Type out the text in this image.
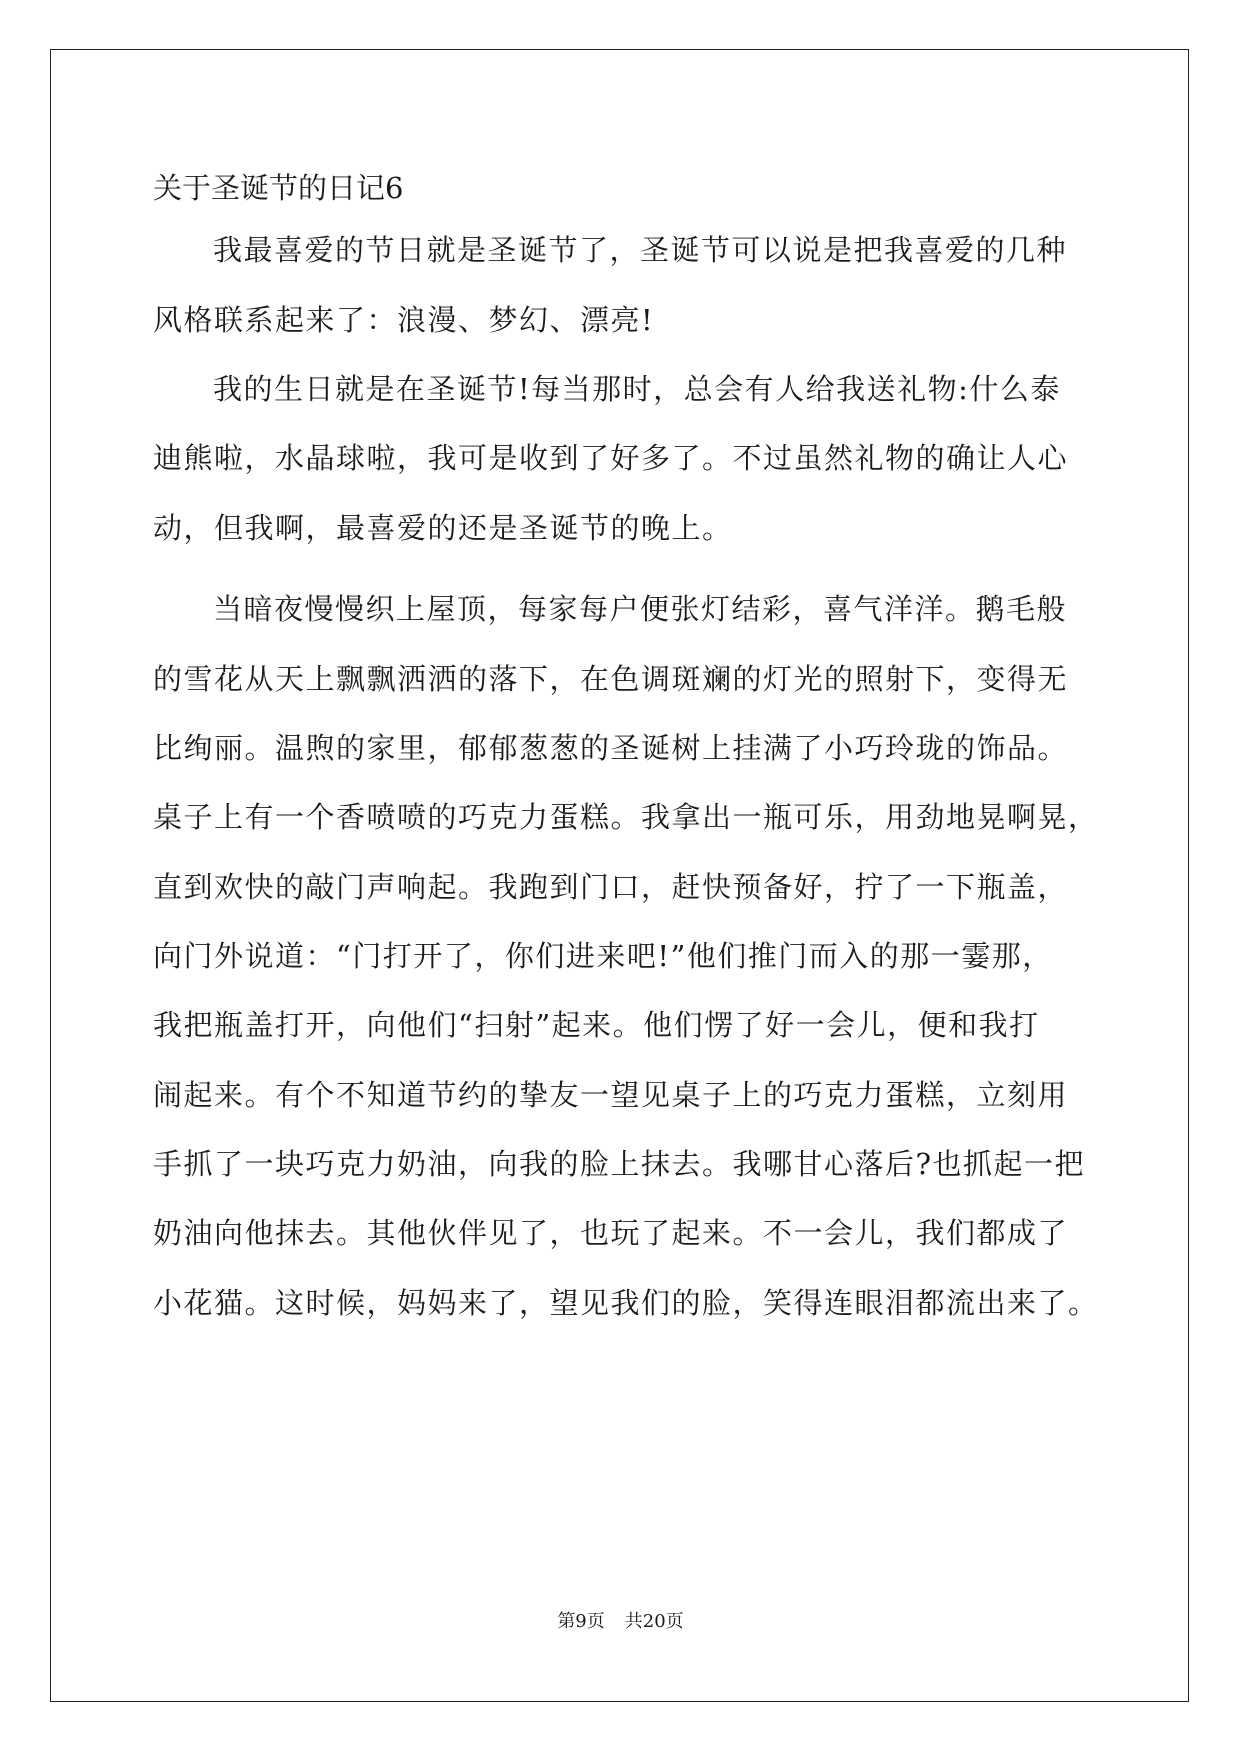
关于圣诞节的日记6
我最喜爱的节日就是圣诞节了，圣诞节可以说是把我喜爱的几种
风格联系起来了：浪漫、梦幻、漂亮!
我的生日就是在圣诞节!每当那时，总会有人给我送礼物:什么泰
迪熊啦，水晶球啦，我可是收到了好多了。不过虽然礼物的确让人心
动，但我啊，最喜爱的还是圣诞节的晚上。
当暗夜慢慢织上屋顶，每家每户便张灯结彩，喜气洋洋。鹅毛般
的雪花从天上飘飘洒洒的落下，在色调斑斓的灯光的照射下，变得无
比绚丽。温煦的家里，郁郁葱葱的圣诞树上挂满了小巧玲珑的饰品。
桌子上有一个香喷喷的巧克力蛋糕。我拿出一瓶可乐，用劲地晃啊晃，
直到欢快的敲门声响起。我跑到门口，赶快预备好，拧了一下瓶盖，
向门外说道：“门打开了，你们进来吧!”他们推门而入的那一霎那，
我把瓶盖打开，向他们“扫射”起来。他们愣了好一会儿，便和我打
闹起来。有个不知道节约的挚友一望见桌子上的巧克力蛋糕，立刻用
手抓了一块巧克力奶油，向我的脸上抹去。我哪甘心落后?也抓起一把
奶油向他抹去。其他伙伴见了，也玩了起来。不一会儿，我们都成了
小花猫。这时候，妈妈来了，望见我们的脸，笑得连眼泪都流出来了。
第9页 共20页
